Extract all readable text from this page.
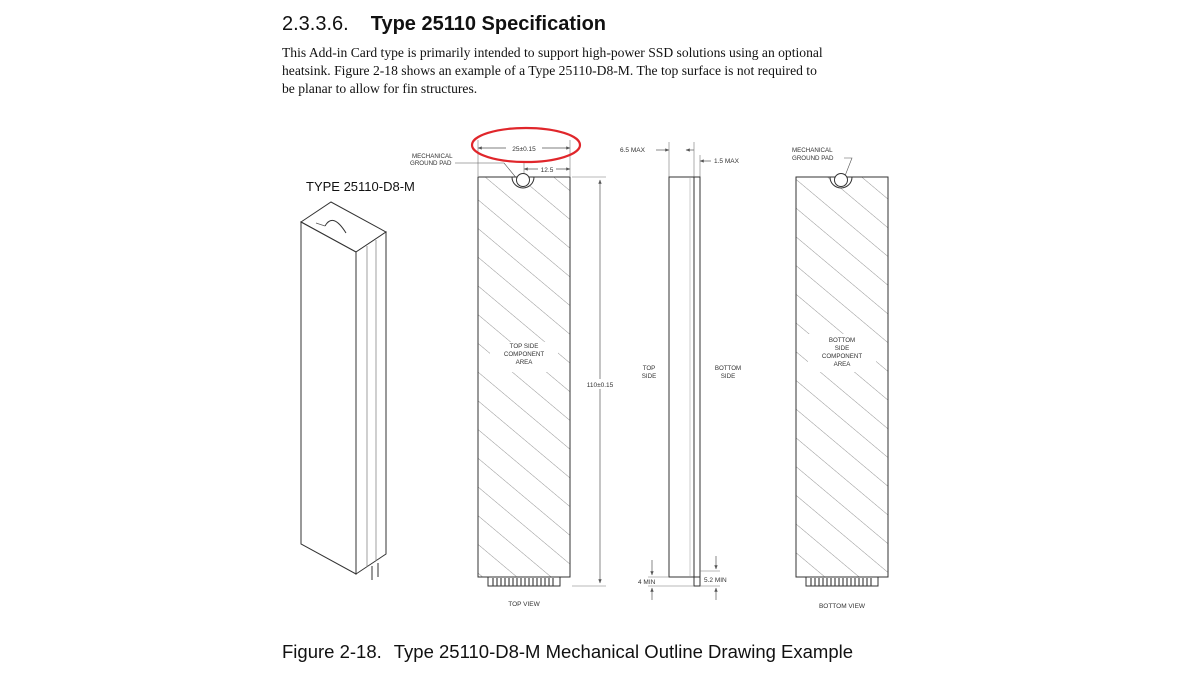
2.3.3.6. Type 25110 Specification
This Add-in Card type is primarily intended to support high-power SSD solutions using an optional
heatsink. Figure 2-18 shows an example of a Type 25110-D8-M. The top surface is not required to
be planar to allow for fin structures.
TYPE 25110-D8-M
25±0.15
12.5
MECHANICAL
GROUND PAD
TOP SIDE
COMPONENT
AREA
110±0.15
TOP VIEW
6.5 MAX
1.5 MAX
TOP
SIDE
BOTTOM
SIDE
4 MIN	5.2 MIN
MECHANICAL
GROUND PAD
BOTTOM
SIDE
COMPONENT
AREA
BOTTOM VIEW
Figure 2-18. Type 25110-D8-M Mechanical Outline Drawing Example
